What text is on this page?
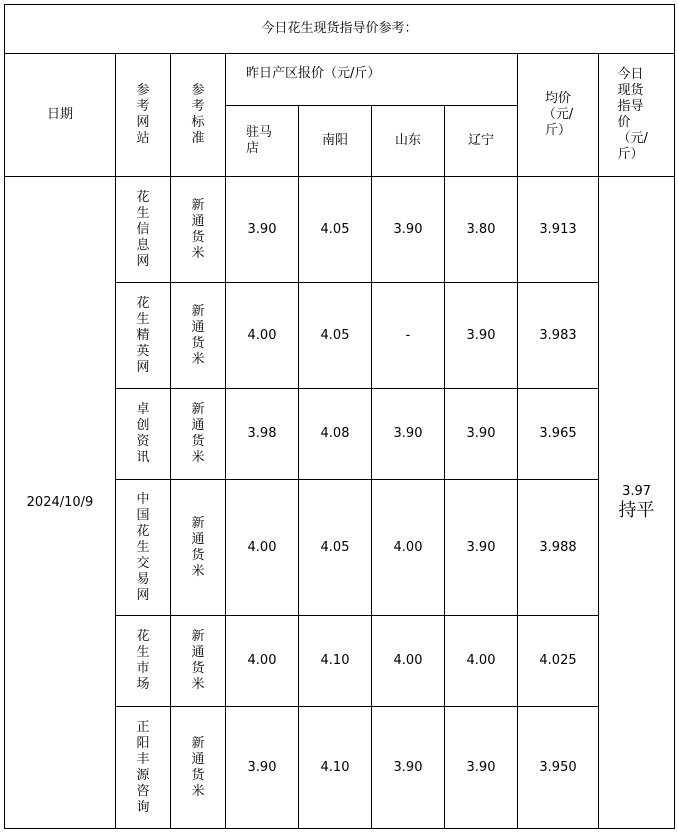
今日花生现货指导价参考：								
日期	参考网站	参考标准	昨日产区报价（元/斤）				均价（元/斤）	今日现货指导价（元/斤）
			驻马店	南阳	山东	辽宁		
2024/10/9	花生信息网	新通货米	3.90	4.05	3.90	3.80	3.913	3.97
持平

	花生精英网	新通货米	4.00	4.05	-	3.90	3.983	
	卓创资讯	新通货米	3.98	4.08	3.90	3.90	3.965	
	中国花生交易网	新通货米	4.00	4.05	4.00	3.90	3.988	
	花生市场	新通货米	4.00	4.10	4.00	4.00	4.025	
	正阳丰源咨询	新通货米	3.90	4.10	3.90	3.90	3.950	
